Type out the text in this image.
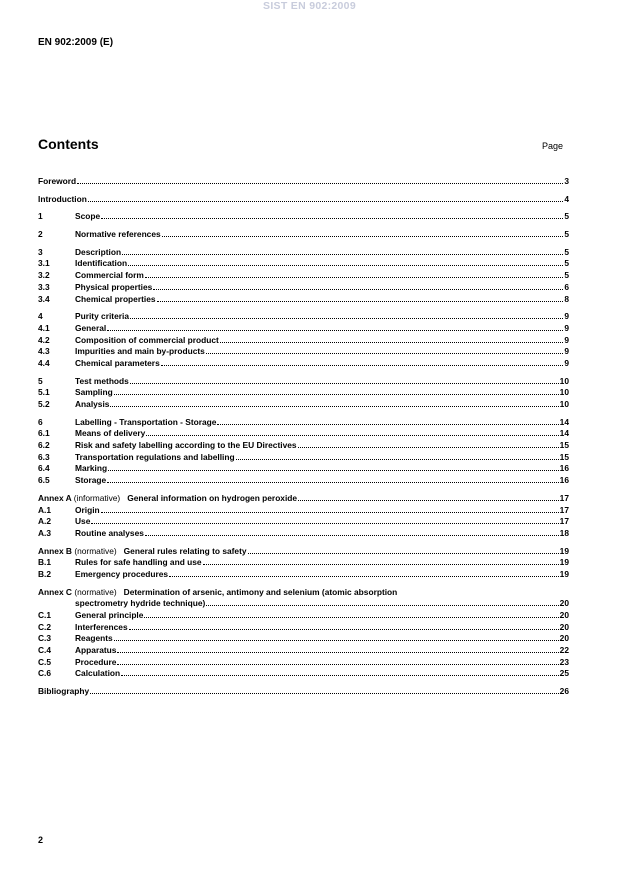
SIST EN 902:2009
EN 902:2009 (E)
Contents	Page
Foreword	3
Introduction	4
1	Scope	5
2	Normative references	5
3	Description	5
3.1	Identification	5
3.2	Commercial form	5
3.3	Physical properties	6
3.4	Chemical properties	8
4	Purity criteria	9
4.1	General	9
4.2	Composition of commercial product	9
4.3	Impurities and main by-products	9
4.4	Chemical parameters	9
5	Test methods	10
5.1	Sampling	10
5.2	Analysis	10
6	Labelling - Transportation - Storage	14
6.1	Means of delivery	14
6.2	Risk and safety labelling according to the EU Directives	15
6.3	Transportation regulations and labelling	15
6.4	Marking	16
6.5	Storage	16
Annex A (informative) General information on hydrogen peroxide	17
A.1	Origin	17
A.2	Use	17
A.3	Routine analyses	18
Annex B (normative) General rules relating to safety	19
B.1	Rules for safe handling and use	19
B.2	Emergency procedures	19
Annex C (normative) Determination of arsenic, antimony and selenium (atomic absorption
spectrometry hydride technique)	20
C.1	General principle	20
C.2	Interferences	20
C.3	Reagents	20
C.4	Apparatus	22
C.5	Procedure	23
C.6	Calculation	25
Bibliography	26
2
